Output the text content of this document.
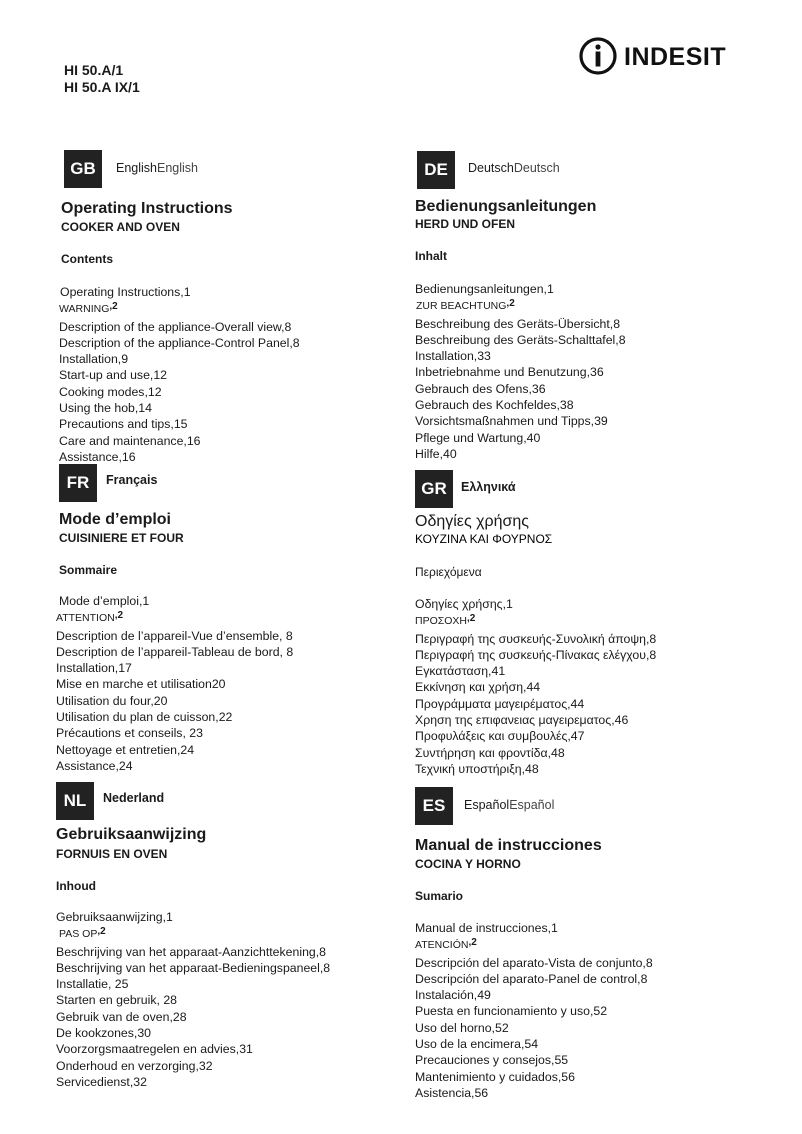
HI 50.A/1
HI 50.A IX/1
INDESIT
GB	EnglishEnglish
Operating Instructions
COOKER AND OVEN
Contents
Operating Instructions,1
$WARNING^{,2}$
Description of the appliance-Overall view,8
Description of the appliance-Control Panel,8
Installation,9
Start-up and use,12
Cooking modes,12
Using the hob,14
Precautions and tips,15
Care and maintenance,16
Assistance,16
FR	Français
Mode d’emploi
CUISINIERE ET FOUR
Sommaire
Mode d’emploi,1
$ATTENTION^{,2}$
Description de l’appareil-Vue d’ensemble, 8
Description de l’appareil-Tableau de bord, 8
Installation,17
Mise en marche et utilisation20
Utilisation du four,20
Utilisation du plan de cuisson,22
Précautions et conseils, 23
Nettoyage et entretien,24
Assistance,24
NL	Nederland
Gebruiksaanwijzing
FORNUIS EN OVEN
Inhoud
Gebruiksaanwijzing,1
PAS $OP^{,2}$
Beschrijving van het apparaat-Aanzichttekening,8
Beschrijving van het apparaat-Bedieningspaneel,8
Installatie, 25
Starten en gebruik, 28
Gebruik van de oven,28
De kookzones,30
Voorzorgsmaatregelen en advies,31
Onderhoud en verzorging,32
Servicedienst,32
DE	DeutschDeutsch
Bedienungsanleitungen
HERD UND OFEN
Inhalt
Bedienungsanleitungen,1
ZUR $BEACHTUNG^{,2}$
Beschreibung des Geräts-Übersicht,8
Beschreibung des Geräts-Schalttafel,8
Installation,33
Inbetriebnahme und Benutzung,36
Gebrauch des Ofens,36
Gebrauch des Kochfeldes,38
Vorsichtsmaßnahmen und Tipps,39
Pflege und Wartung,40
Hilfe,40
GR	Ελληνικά
Οδηγίες χρήσης
ΚΟΥΖΙΝΑ ΚΑΙ ΦΟΥΡΝΟΣ
Περιεχόμενα
Οδηγίες χρήσης,1
$\Pi PO\Sigma OXH^{,2}$
Περιγραφή της συσκευής-Συνολική άποψη,8
Περιγραφή της συσκευής-Πίνακας ελέγχου,8
Εγκατάσταση,41
Εκκίνηση και χρήση,44
Προγράμματα μαγειρέματος,44
Χρηση της επιφανειας μαγειρεματος,46
Προφυλάξεις και συμβουλές,47
Συντήρηση και φροντίδα,48
Τεχνική υποστήριξη,48
ES	EspañolEspañol
Manual de instrucciones
COCINA Y HORNO
Sumario
Manual de instrucciones,1
$ATENCIÓN^{,2}$
Descripción del aparato-Vista de conjunto,8
Descripción del aparato-Panel de control,8
Instalación,49
Puesta en funcionamiento y uso,52
Uso del horno,52
Uso de la encimera,54
Precauciones y consejos,55
Mantenimiento y cuidados,56
Asistencia,56
